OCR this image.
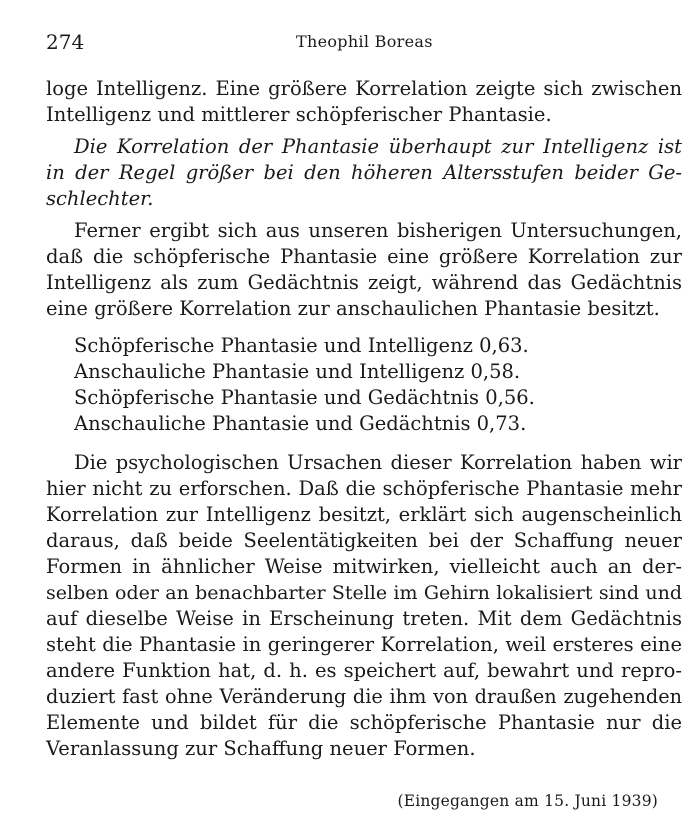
274	Theophil Boreas
loge Intelligenz. Eine größere Korrelation zeigte sich zwischen
Intelligenz und mittlerer schöpferischer Phantasie.
Die Korrelation der Phantasie überhaupt zur Intelligenz ist
in der Regel größer bei den höheren Altersstufen beider Ge-
schlechter.
Ferner ergibt sich aus unseren bisherigen Untersuchungen,
daß die schöpferische Phantasie eine größere Korrelation zur
Intelligenz als zum Gedächtnis zeigt, während das Gedächtnis
eine größere Korrelation zur anschaulichen Phantasie besitzt.
Schöpferische Phantasie und Intelligenz 0,63.
Anschauliche Phantasie und Intelligenz 0,58.
Schöpferische Phantasie und Gedächtnis 0,56.
Anschauliche Phantasie und Gedächtnis 0,73.
Die psychologischen Ursachen dieser Korrelation haben wir
hier nicht zu erforschen. Daß die schöpferische Phantasie mehr
Korrelation zur Intelligenz besitzt, erklärt sich augenscheinlich
daraus, daß beide Seelentätigkeiten bei der Schaffung neuer
Formen in ähnlicher Weise mitwirken, vielleicht auch an der-
selben oder an benachbarter Stelle im Gehirn lokalisiert sind und
auf dieselbe Weise in Erscheinung treten. Mit dem Gedächtnis
steht die Phantasie in geringerer Korrelation, weil ersteres eine
andere Funktion hat, d. h. es speichert auf, bewahrt und repro-
duziert fast ohne Veränderung die ihm von draußen zugehenden
Elemente und bildet für die schöpferische Phantasie nur die
Veranlassung zur Schaffung neuer Formen.
(Eingegangen am 15. Juni 1939)
